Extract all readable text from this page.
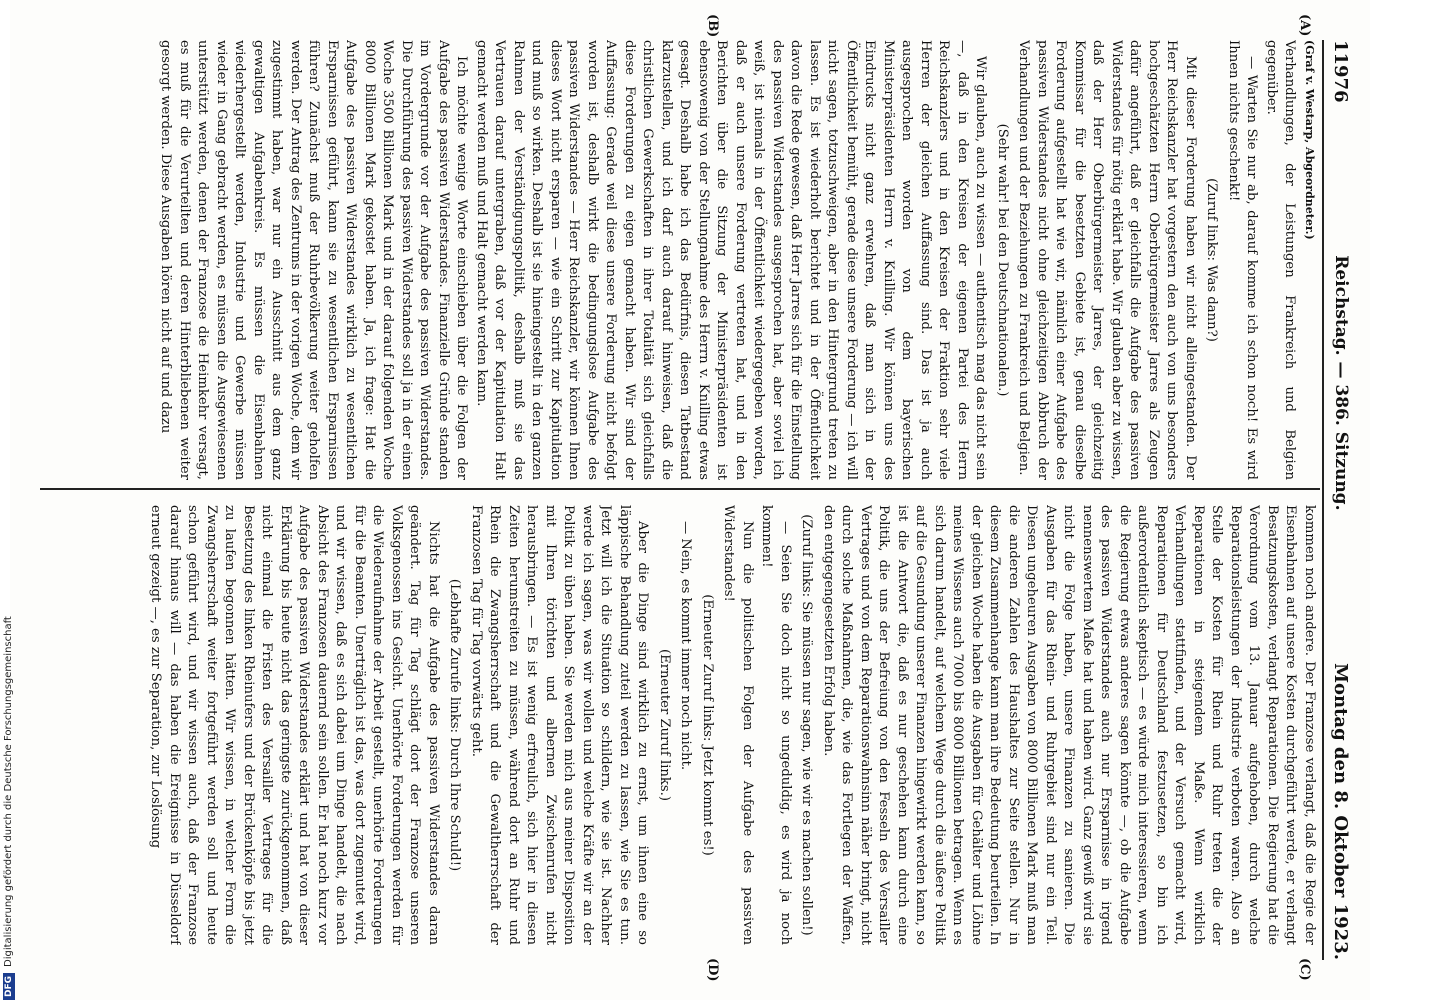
11976
Reichstag. — 386. Sitzung.
Montag den 8. Oktober 1923.
(A)
(B)
(C)
(D)

(Graf v. Westarp, Abgeordneter.)

Verhandlungen, der Leistungen Frankreich und Belgien gegenüber.

— Warten Sie nur ab, darauf komme ich schon noch! Es wird Ihnen nichts geschenkt!

(Zuruf links: Was dann?)

Mit dieser Forderung haben wir nicht alleingestanden. Der Herr Reichskanzler hat vorgestern den auch von uns besonders hochgeschätzten Herrn Oberbürgermeister Jarres als Zeugen dafür angeführt, daß er gleichfalls die Aufgabe des passiven Widerstandes für nötig erklärt habe. Wir glauben aber zu wissen, daß der Herr Oberbürgermeister Jarres, der gleichzeitig Kommissar für die besetzten Gebiete ist, genau dieselbe Forderung aufgestellt hat wie wir, nämlich einer Aufgabe des passiven Widerstandes nicht ohne gleichzeitigen Abbruch der Verhandlungen und der Beziehungen zu Frankreich und Belgien.

(Sehr wahr! bei den Deutschnationalen.)

Wir glauben, auch zu wissen — authentisch mag das nicht sein —, daß in den Kreisen der eigenen Partei des Herrn Reichskanzlers und in den Kreisen der Fraktion sehr viele Herren der gleichen Auffassung sind. Das ist ja auch ausgesprochen worden von dem bayerischen Ministerpräsidenten Herrn v. Knilling. Wir können uns des Eindrucks nicht ganz erwehren, daß man sich in der Öffentlichkeit bemüht, gerade diese unsere Forderung — ich will nicht sagen, totzuschweigen, aber in den Hintergrund treten zu lassen. Es ist wiederholt berichtet und in der Öffentlichkeit davon die Rede gewesen, daß Herr Jarres sich für die Einstellung des passiven Widerstandes ausgesprochen hat, aber soviel ich weiß, ist niemals in der Öffentlichkeit wiedergegeben worden, daß er auch unsere Forderung vertreten hat, und in den Berichten über die Sitzung der Ministerpräsidenten ist ebensowenig von der Stellungnahme des Herrn v. Knilling etwas gesagt. Deshalb habe ich das Bedürfnis, diesen Tatbestand klarzustellen, und ich darf auch darauf hinweisen, daß die christlichen Gewerkschaften in ihrer Totalität sich gleichfalls diese Forderungen zu eigen gemacht haben. Wir sind der Auffassung: Gerade weil diese unsere Forderung nicht befolgt worden ist, deshalb wirkt die bedingungslose Aufgabe des passiven Widerstandes — Herr Reichskanzler, wir können Ihnen dieses Wort nicht ersparen — wie ein Schritt zur Kapitulation und muß so wirken. Deshalb ist sie hineingestellt in den ganzen Rahmen der Verständigungspolitik, deshalb muß sie das Vertrauen darauf untergraben, daß vor der Kapitulation Halt gemacht werden muß und Halt gemacht werden kann.

Ich möchte wenige Worte einschieben über die Folgen der Aufgabe des passiven Widerstandes. Finanzielle Gründe standen im Vordergrunde vor der Aufgabe des passiven Widerstandes. Die Durchführung des passiven Widerstandes soll ja in der einen Woche 3500 Billionen Mark und in der darauf folgenden Woche 8000 Billionen Mark gekostet haben. Ja, ich frage: Hat die Aufgabe des passiven Widerstandes wirklich zu wesentlichen Ersparnissen geführt, kann sie zu wesentlichen Ersparnissen führen? Zunächst muß der Ruhrbevölkerung weiter geholfen werden. Der Antrag des Zentrums in der vorigen Woche, dem wir zugestimmt haben, war nur ein Ausschnitt aus dem ganz gewaltigen Aufgabenkreis. Es müssen die Eisenbahnen wiederhergestellt werden, Industrie und Gewerbe müssen wieder in Gang gebracht werden, es müssen die Ausgewiesenen unterstützt werden, denen der Franzose die Heimkehr versagt, es muß für die Verurteilten und deren Hinterbliebenen weiter gesorgt werden. Diese Ausgaben hören nicht auf und dazu

kommen noch andere. Der Franzose verlangt, daß die Regie der Eisenbahnen auf unsere Kosten durchgeführt werde, er verlangt Besatzungskosten, verlangt Reparationen. Die Regierung hat die Verordnung vom 13. Januar aufgehoben, durch welche Reparationsleistungen der Industrie verboten waren. Also an Stelle der Kosten für Rhein und Ruhr treten die der Reparationen in steigendem Maße. Wenn wirklich Verhandlungen stattfinden, und der Versuch gemacht wird, Reparationen für Deutschland festzusetzen, so bin ich außerordentlich skeptisch — es würde mich interessieren, wenn die Regierung etwas anderes sagen könnte —, ob die Aufgabe des passiven Widerstandes auch nur Ersparnisse in irgend nennenswertem Maße hat und haben wird. Ganz gewiß wird sie nicht die Folge haben, unsere Finanzen zu sanieren. Die Ausgaben für das Rhein- und Ruhrgebiet sind nur ein Teil. Diesen ungeheuren Ausgaben von 8000 Billionen Mark muß man die anderen Zahlen des Haushaltes zur Seite stellen. Nur in diesem Zusammenhange kann man ihre Bedeutung beurteilen. In der gleichen Woche haben die Ausgaben für Gehälter und Löhne meines Wissens auch 7000 bis 8000 Billionen betragen. Wenn es sich darum handelt, auf welchem Wege durch die äußere Politik auf die Gesundung unserer Finanzen hingewirkt werden kann, so ist die Antwort die, daß es nur geschehen kann durch eine Politik, die uns der Befreiung von den Fesseln des Versailler Vertrages und von dem Reparationswahnsinn näher bringt, nicht durch solche Maßnahmen, die, wie das Fortlegen der Waffen, den entgegengesetzten Erfolg haben.

(Zuruf links: Sie müssen nur sagen, wie wir es machen sollen!)

— Seien Sie doch nicht so ungeduldig, es wird ja noch kommen!

Nun die politischen Folgen der Aufgabe des passiven Widerstandes!

(Erneuter Zuruf links: Jetzt kommt es!)

— Nein, es kommt immer noch nicht.

(Erneuter Zuruf links.)

Aber die Dinge sind wirklich zu ernst, um ihnen eine so läppische Behandlung zuteil werden zu lassen, wie Sie es tun. Jetzt will ich die Situation so schildern, wie sie ist. Nachher werde ich sagen, was wir wollen und welche Kräfte wir an der Politik zu üben haben. Sie werden mich aus meiner Disposition mit Ihren törichten und albernen Zwischenrufen nicht herausbringen. — Es ist wenig erfreulich, sich hier in diesen Zeiten herumstreiten zu müssen, während dort an Ruhr und Rhein die Zwangsherrschaft und die Gewaltherrschaft der Franzosen Tag für Tag vorwärts geht.

(Lebhafte Zurufe links: Durch Ihre Schuld!)

Nichts hat die Aufgabe des passiven Widerstandes daran geändert. Tag für Tag schlägt dort der Franzose unseren Volksgenossen ins Gesicht. Unerhörte Forderungen werden für die Wiederaufnahme der Arbeit gestellt, unerhörte Forderungen für die Beamten. Unerträglich ist das, was dort zugemutet wird, und wir wissen, daß es sich dabei um Dinge handelt, die nach Absicht des Franzosen dauernd sein sollen. Er hat noch kurz vor Aufgabe des passiven Widerstandes erklärt und hat von dieser Erklärung bis heute nicht das geringste zurückgenommen, daß nicht einmal die Fristen des Versailler Vertrages für die Besetzung des linken Rheinufers und der Brückenköpfe bis jetzt zu laufen begonnen hätten. Wir wissen, in welcher Form die Zwangsherrschaft weiter fortgeführt werden soll und heute schon geführt wird, und wir wissen auch, daß der Franzose darauf hinaus will — das haben die Ereignisse in Düsseldorf erneut gezeigt —, es zur Separation, zur Loslösung

DFG
Digitalisierung gefördert durch die Deutsche Forschungsgemeinschaft
